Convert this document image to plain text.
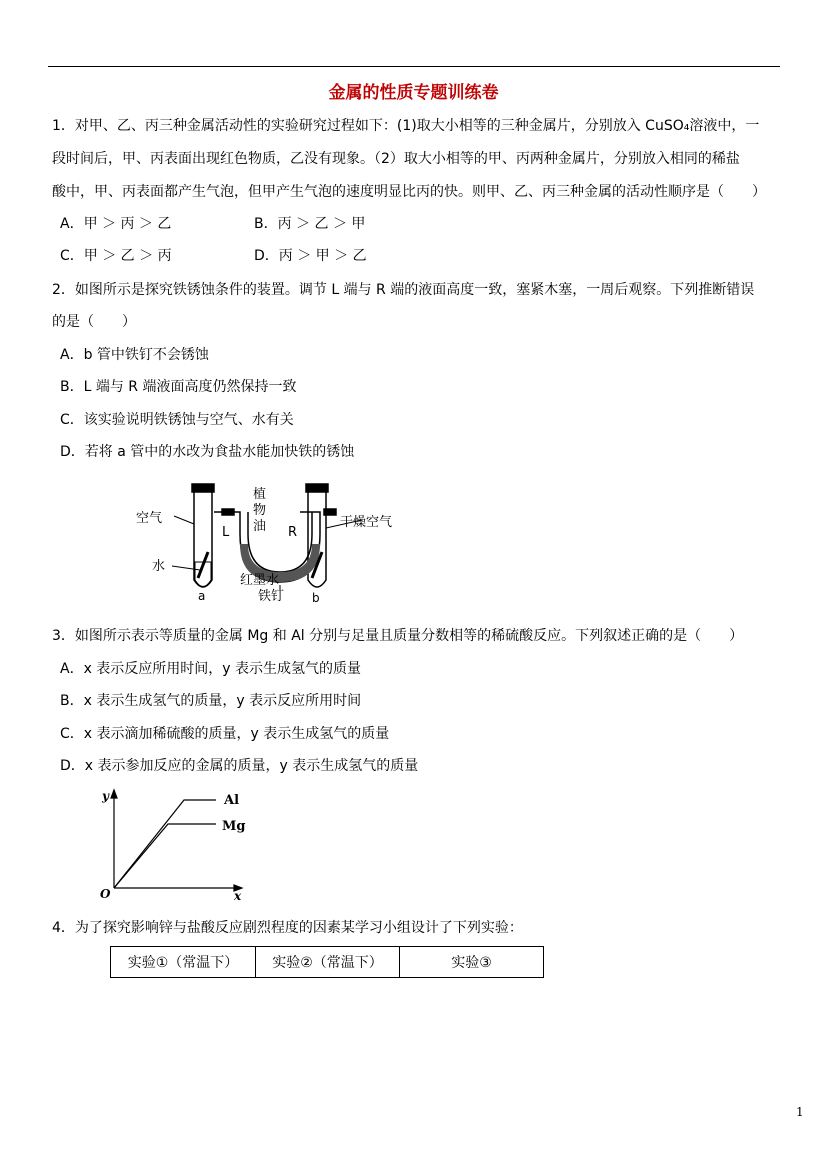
金属的性质专题训练卷
1．对甲、乙、丙三种金属活动性的实验研究过程如下：(1)取大小相等的三种金属片，分别放入 CuSO₄溶液中，一
段时间后，甲、丙表面出现红色物质，乙没有现象。（2）取大小相等的甲、丙两种金属片，分别放入相同的稀盐
酸中，甲、丙表面都产生气泡，但甲产生气泡的速度明显比丙的快。则甲、乙、丙三种金属的活动性顺序是（　　）
A．甲 ＞ 丙 ＞ 乙	B．丙 ＞ 乙 ＞ 甲
C．甲 ＞ 乙 ＞ 丙	D．丙 ＞ 甲 ＞ 乙
2．如图所示是探究铁锈蚀条件的装置。调节 L 端与 R 端的液面高度一致，塞紧木塞，一周后观察。下列推断错误
的是（　　）
A．b 管中铁钉不会锈蚀
B．L 端与 R 端液面高度仍然保持一致
C．该实验说明铁锈蚀与空气、水有关
D．若将 a 管中的水改为食盐水能加快铁的锈蚀
空气	干燥空气
植
物
油
L	R
水
红墨水
铁钉
a	b
3．如图所示表示等质量的金属 Mg 和 Al 分别与足量且质量分数相等的稀硫酸反应。下列叙述正确的是（　　）
A．x 表示反应所用时间，y 表示生成氢气的质量
B．x 表示生成氢气的质量，y 表示反应所用时间
C．x 表示滴加稀硫酸的质量，y 表示生成氢气的质量
D．x 表示参加反应的金属的质量，y 表示生成氢气的质量
y
x
O
Al
Mg
4．为了探究影响锌与盐酸反应剧烈程度的因素某学习小组设计了下列实验：
实验①（常温下）	实验②（常温下）	实验③
1
